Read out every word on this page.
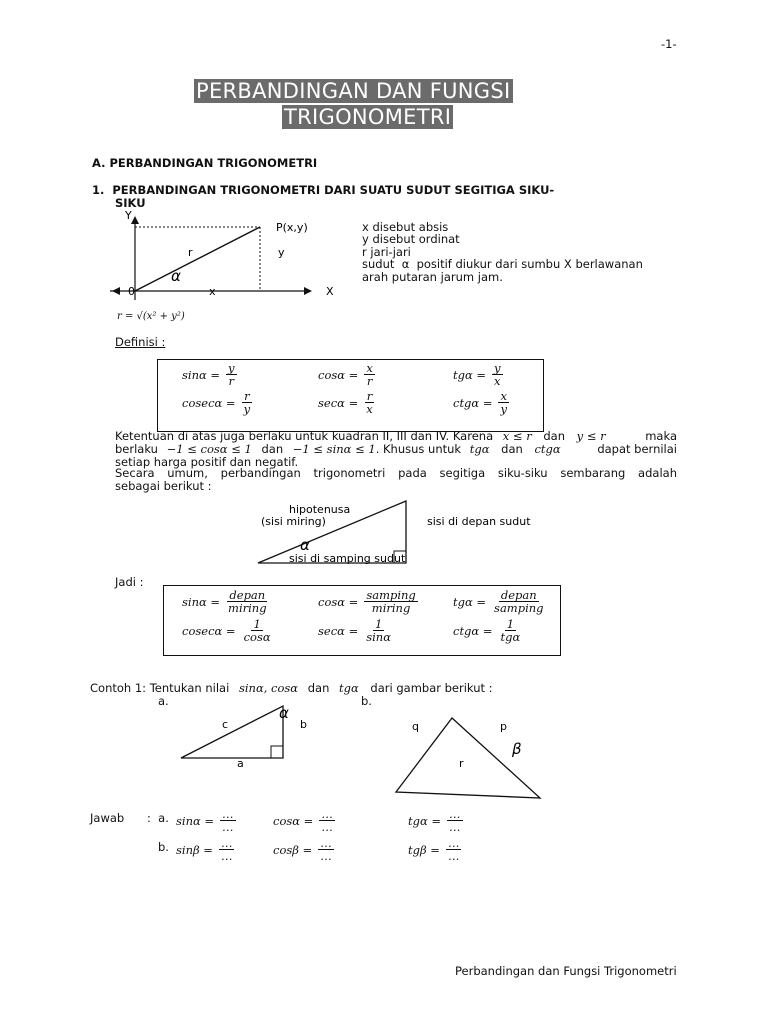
-1-
PERBANDINGAN DAN FUNGSI
TRIGONOMETRI
A. PERBANDINGAN TRIGONOMETRI
1.  PERBANDINGAN TRIGONOMETRI DARI SUATU SUDUT SEGITIGA SIKU-
SIKU
Y
X
0
P(x,y)
r	y
x
α
x disebut absis
y disebut ordinat
r jari-jari
sudut  α  positif diukur dari sumbu X berlawanan
arah putaran jarum jam.
r = √(x² + y²)
Definisi :
$\sin\alpha = \frac{y}{r}$	$\cos\alpha = \frac{x}{r}$	$tg\alpha = \frac{y}{x}$
$cosec\alpha = \frac{r}{y}$	$\sec\alpha = \frac{r}{x}$	$ctg\alpha = \frac{x}{y}$
Ketentuan di atas juga berlaku untuk kuadran II, III dan IV. Karena x ≤ r dan y ≤ r	maka
berlaku −1 ≤ cosα ≤ 1 dan −1 ≤ sinα ≤ 1. Khusus untuk tgα dan ctgα	dapat bernilai
setiap harga positif dan negatif.
Secara umum, perbandingan trigonometri pada segitiga siku-siku sembarang adalah
sebagai berikut :
hipotenusa
(sisi miring)	sisi di depan sudut
sisi di samping sudut
α
Jadi :
$\sin\alpha = \frac{\text{depan}}{\text{miring}}$	$\cos\alpha = \frac{\text{samping}}{\text{miring}}$	$tg\alpha = \frac{\text{depan}}{\text{samping}}$
$cosec\alpha = \frac{1}{\cos\alpha}$	$\sec\alpha = \frac{1}{\sin\alpha}$	$ctg\alpha = \frac{1}{\text{tgα}}$
Contoh 1: Tentukan nilai sinα, cosα dan tgα dari gambar berikut :
a.	b.
c	b
a
α
q	p
r
β
Jawab :  a.
b.
$\sin\alpha = \frac{\dots}{\dots}$	$\cos\alpha = \frac{\dots}{\dots}$	$tg\alpha = \frac{\dots}{\dots}$
$\sin\beta = \frac{\dots}{\dots}$	$\cos\beta = \frac{\dots}{\dots}$	$tg\beta = \frac{\dots}{\dots}$
Perbandingan dan Fungsi Trigonometri
